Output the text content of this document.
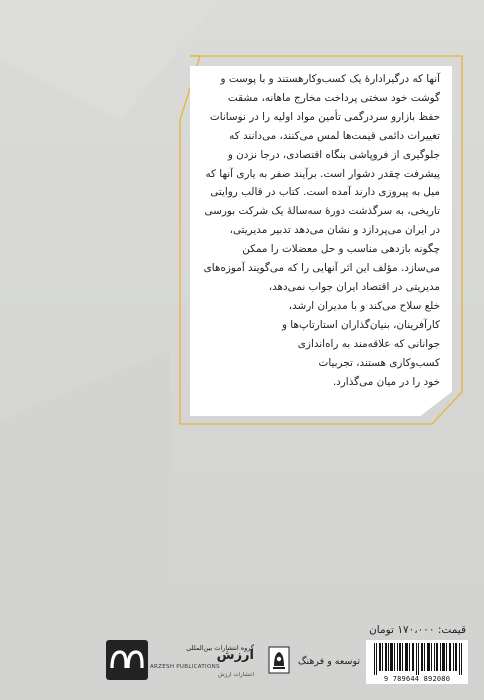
آنها که درگیرادارهٔ یک کسب‌وکارهستند و با پوست و
گوشت خود سختی پرداخت مخارج ماهانه، مشقت
حفظ بازارو سردرگمی تأمین مواد اولیه را در نوسانات
تغییرات دائمی قیمت‌ها لمس می‌کنند، می‌دانند که
جلوگیری از فروپاشی بنگاه اقتصادی، درجا نزدن و
پیشرفت چقدر دشوار است. برآیند صفر به یاری آنها که
میل به پیروزی دارند آمده است. کتاب در قالب روایتی
تاریخی، به سرگذشت دورهٔ سه‌سالهٔ یک شرکت بورسی
در ایران می‌پردازد و نشان می‌دهد تدبیر مدیریتی،
چگونه بازدهی مناسب و حل معضلات را ممکن
می‌سازد. مؤلف این اثر آنهایی را که می‌گویند آموزه‌های
مدیریتی در اقتصاد ایران جواب نمی‌دهد،
خلع سلاح می‌کند و با مدیران ارشد،
کارآفرینان، بنیان‌گذاران استارتاپ‌ها و
جوانانی که علاقه‌مند به راه‌اندازی
کسب‌وکاری هستند، تجربیات
خود را در میان می‌گذارد.
قیمت: ۱۷۰،۰۰۰ تومان
9 789644 892080
توسعه و فرهنگ
گروه انتشارات بین‌المللی
ارزش
ARZESH PUBLICATIONS
انتشارات ارزش
